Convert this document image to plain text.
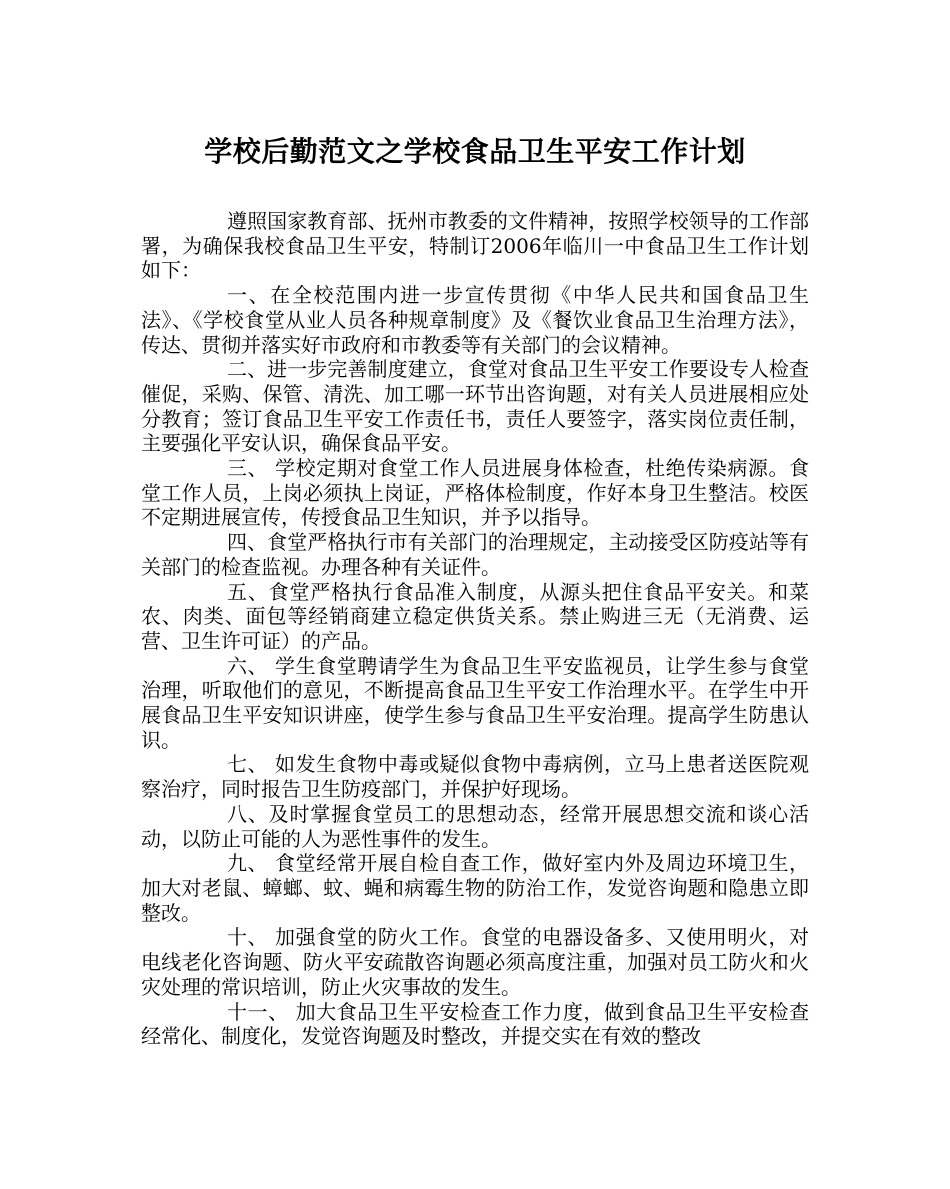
学校后勤范文之学校食品卫生平安工作计划

遵照国家教育部、抚州市教委的文件精神，按照学校领导的工作部署，为确保我校食品卫生平安，特制订2006年临川一中食品卫生工作计划如下：

一、在全校范围内进一步宣传贯彻《中华人民共和国食品卫生法》、《学校食堂从业人员各种规章制度》及《餐饮业食品卫生治理方法》，传达、贯彻并落实好市政府和市教委等有关部门的会议精神。

二、进一步完善制度建立，食堂对食品卫生平安工作要设专人检查催促，采购、保管、清洗、加工哪一环节出咨询题，对有关人员进展相应处分教育；签订食品卫生平安工作责任书，责任人要签字，落实岗位责任制，主要强化平安认识，确保食品平安。

三、 学校定期对食堂工作人员进展身体检查，杜绝传染病源。食堂工作人员，上岗必须执上岗证，严格体检制度，作好本身卫生整洁。校医不定期进展宣传，传授食品卫生知识，并予以指导。

四、食堂严格执行市有关部门的治理规定，主动接受区防疫站等有关部门的检查监视。办理各种有关证件。

五、食堂严格执行食品准入制度，从源头把住食品平安关。和菜农、肉类、面包等经销商建立稳定供货关系。禁止购进三无（无消费、运营、卫生许可证）的产品。

六、 学生食堂聘请学生为食品卫生平安监视员，让学生参与食堂治理，听取他们的意见，不断提高食品卫生平安工作治理水平。在学生中开展食品卫生平安知识讲座，使学生参与食品卫生平安治理。提高学生防患认识。

七、 如发生食物中毒或疑似食物中毒病例，立马上患者送医院观察治疗，同时报告卫生防疫部门，并保护好现场。

八、及时掌握食堂员工的思想动态，经常开展思想交流和谈心活动，以防止可能的人为恶性事件的发生。

九、 食堂经常开展自检自查工作，做好室内外及周边环境卫生，加大对老鼠、蟑螂、蚊、蝇和病霉生物的防治工作，发觉咨询题和隐患立即整改。

十、 加强食堂的防火工作。食堂的电器设备多、又使用明火，对电线老化咨询题、防火平安疏散咨询题必须高度注重，加强对员工防火和火灾处理的常识培训，防止火灾事故的发生。

十一、 加大食品卫生平安检查工作力度，做到食品卫生平安检查经常化、制度化，发觉咨询题及时整改，并提交实在有效的整改
